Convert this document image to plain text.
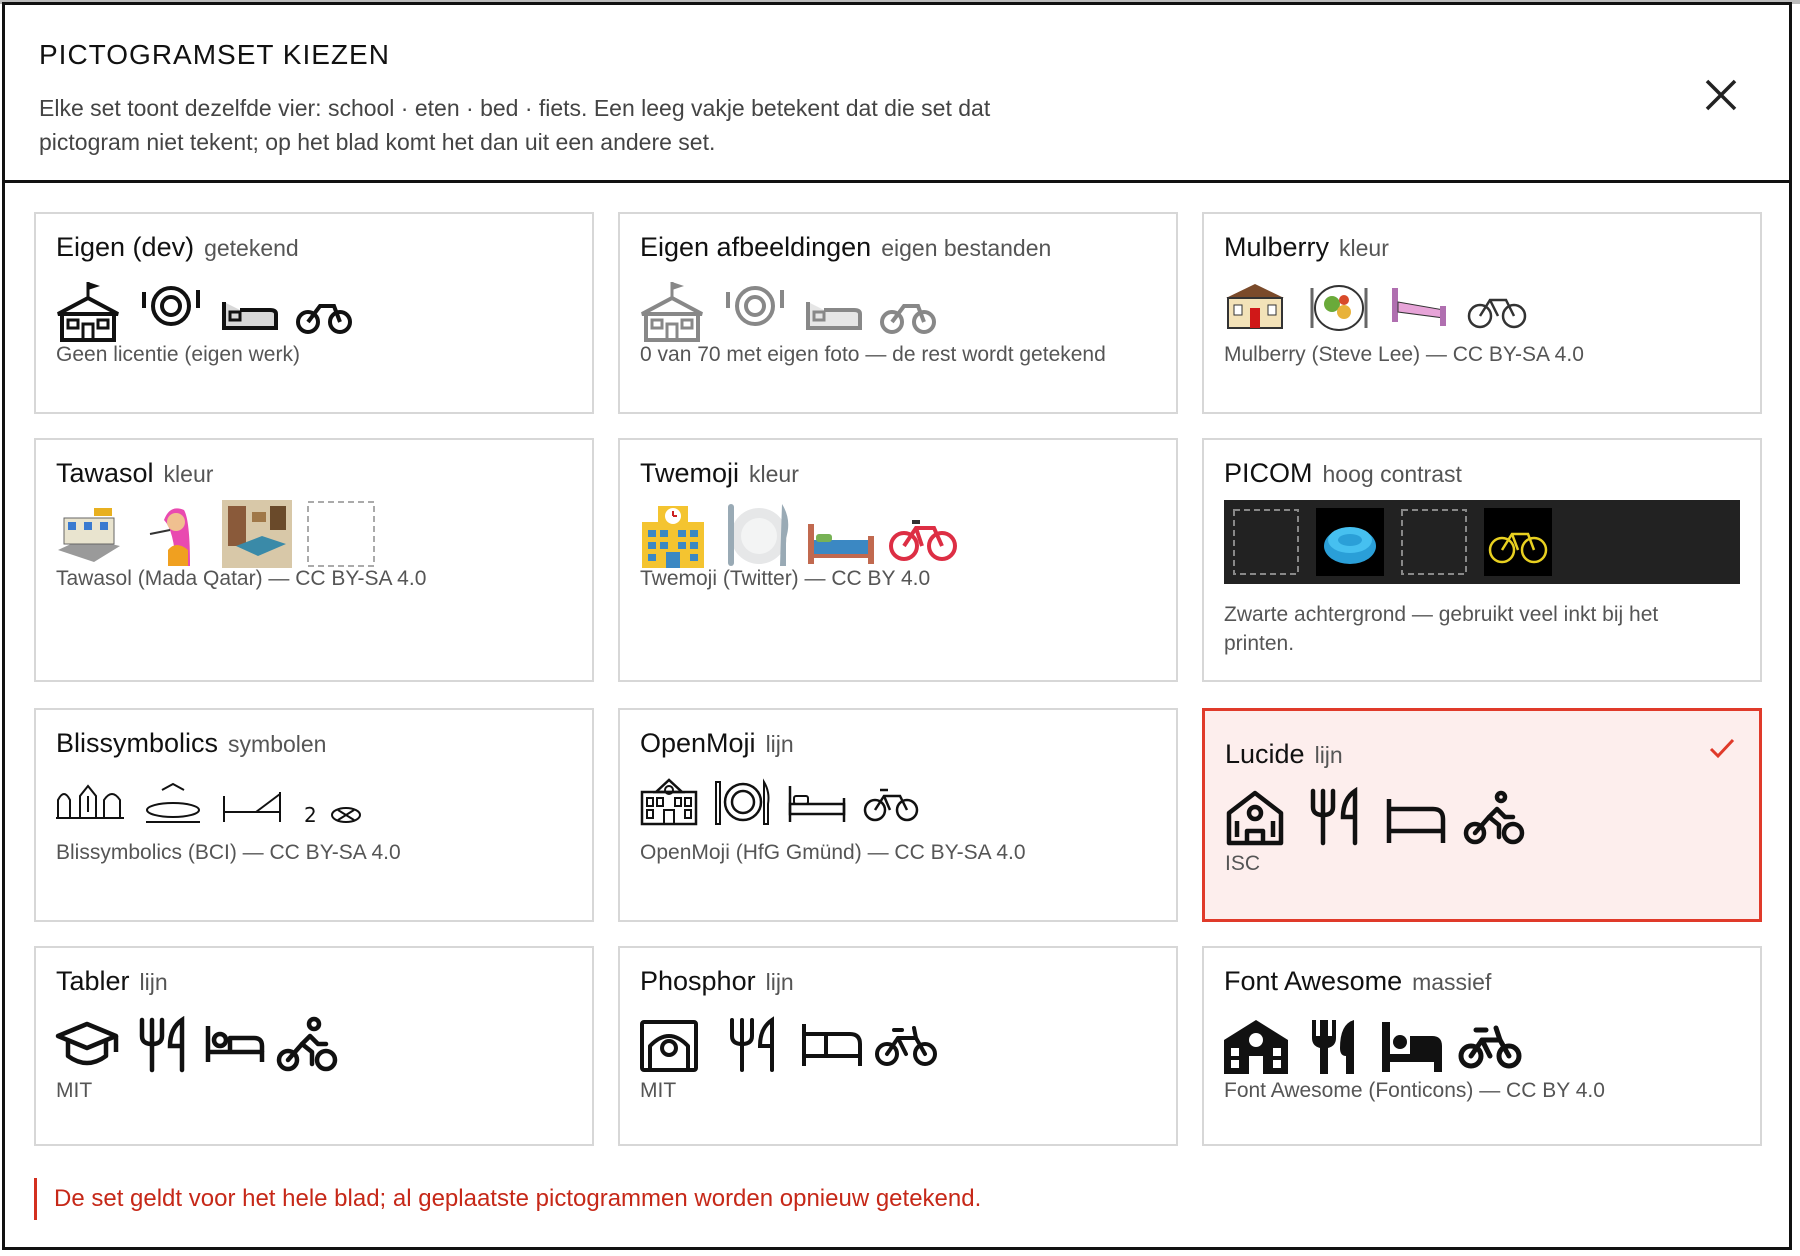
PICTOGRAMSET KIEZEN
Elke set toont dezelfde vier: school · eten · bed · fiets. Een leeg vakje betekent dat die set dat pictogram niet tekent; op het blad komt het dan uit een andere set.
Eigen (dev) getekend
Geen licentie (eigen werk)
Eigen afbeeldingen eigen bestanden
0 van 70 met eigen foto — de rest wordt getekend
Mulberry kleur
Mulberry (Steve Lee) — CC BY-SA 4.0
Tawasol kleur
Tawasol (Mada Qatar) — CC BY-SA 4.0
Twemoji kleur
Twemoji (Twitter) — CC BY 4.0
PICOM hoog contrast
Zwarte achtergrond — gebruikt veel inkt bij het printen.
Blissymbolics symbolen
2
Blissymbolics (BCI) — CC BY-SA 4.0
OpenMoji lijn
OpenMoji (HfG Gmünd) — CC BY-SA 4.0
Lucide lijn
ISC
Tabler lijn
MIT
Phosphor lijn
MIT
Font Awesome massief
Font Awesome (Fonticons) — CC BY 4.0
De set geldt voor het hele blad; al geplaatste pictogrammen worden opnieuw getekend.
